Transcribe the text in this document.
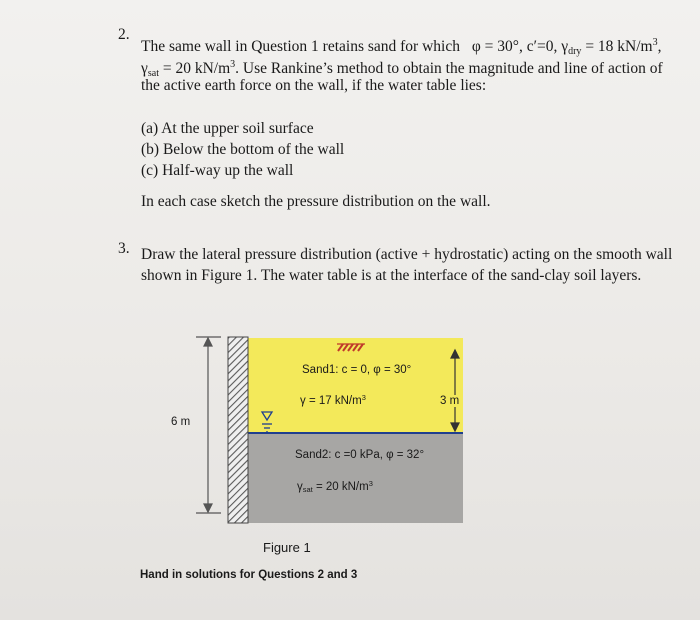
2.
The same wall in Question 1 retains sand for which φ = 30°, c′=0, $\gamma_{dry} = 18$ $kN/m^3$,
$\gamma_{sat} = 20$ $kN/m^3$. Use Rankine’s method to obtain the magnitude and line of action of
the active earth force on the wall, if the water table lies:
(a) At the upper soil surface
(b) Below the bottom of the wall
(c) Half-way up the wall
In each case sketch the pressure distribution on the wall.
3. Draw the lateral pressure distribution (active + hydrostatic) acting on the smooth wall
shown in Figure 1. The water table is at the interface of the sand-clay soil layers.
6 m
3 m
Sand1: c = 0, φ = 30°
γ = 17 $kN/m^3$
Sand2: c =0 kPa, φ = 32°
γsat = 20 $kN/m^3$
Figure 1
Hand in solutions for Questions 2 and 3
